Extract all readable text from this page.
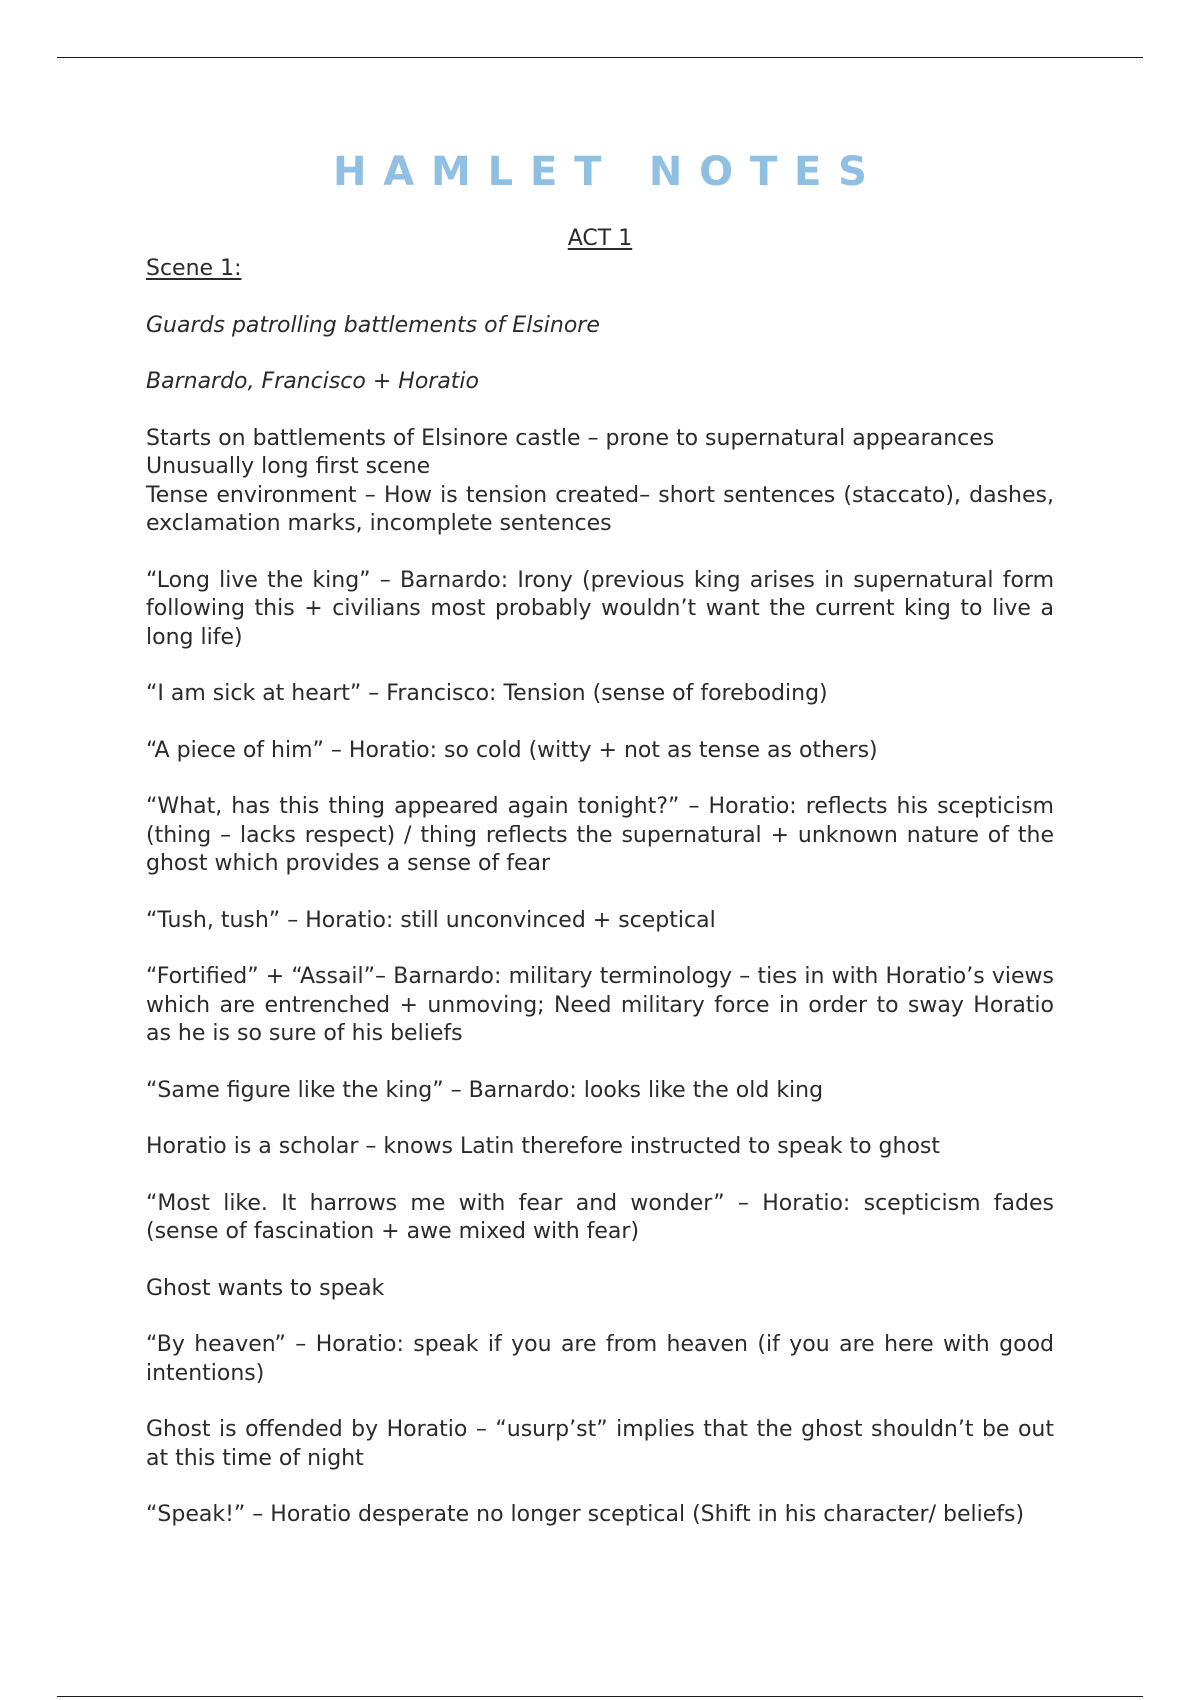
HAMLET NOTES
ACT 1

Scene 1:

Guards patrolling battlements of Elsinore

Barnardo, Francisco + Horatio

Starts on battlements of Elsinore castle – prone to supernatural appearances

Unusually long first scene

Tense environment – How is tension created– short sentences (staccato), dashes, exclamation marks, incomplete sentences

“Long live the king” – Barnardo: Irony (previous king arises in supernatural form following this + civilians most probably wouldn’t want the current king to live a long life)

“I am sick at heart” – Francisco: Tension (sense of foreboding)

“A piece of him” – Horatio: so cold (witty + not as tense as others)

“What, has this thing appeared again tonight?” – Horatio: reflects his scepticism (thing – lacks respect) / thing reflects the supernatural + unknown nature of the ghost which provides a sense of fear

“Tush, tush” – Horatio: still unconvinced + sceptical

“Fortified” + “Assail”– Barnardo: military terminology – ties in with Horatio’s views which are entrenched + unmoving; Need military force in order to sway Horatio as he is so sure of his beliefs

“Same figure like the king” – Barnardo: looks like the old king

Horatio is a scholar – knows Latin therefore instructed to speak to ghost

“Most like. It harrows me with fear and wonder” – Horatio: scepticism fades (sense of fascination + awe mixed with fear)

Ghost wants to speak

“By heaven” – Horatio: speak if you are from heaven (if you are here with good intentions)

Ghost is offended by Horatio – “usurp’st” implies that the ghost shouldn’t be out at this time of night

“Speak!” – Horatio desperate no longer sceptical (Shift in his character/ beliefs)
